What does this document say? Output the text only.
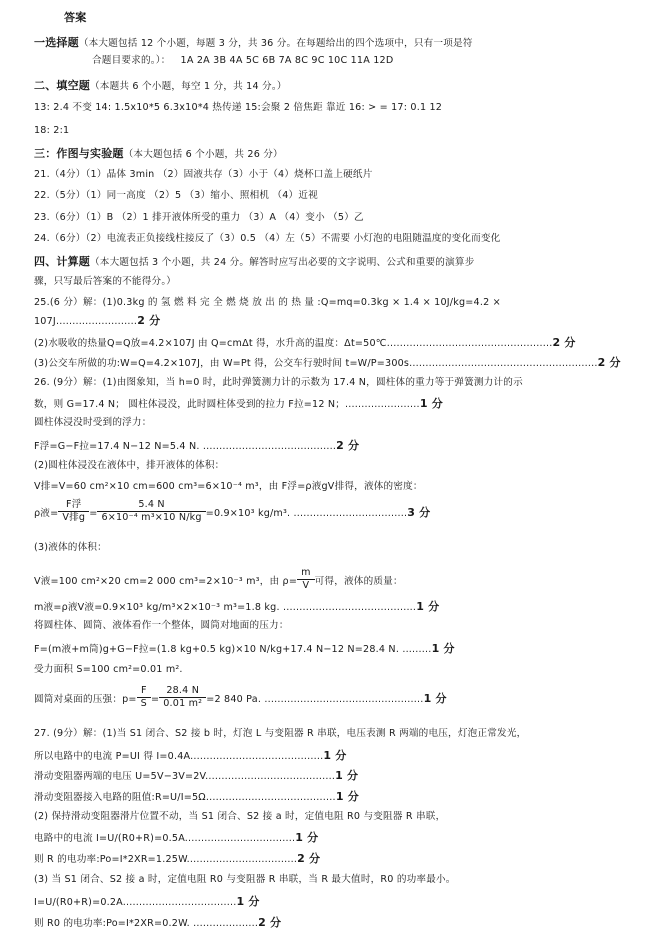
答案
一选择题（本大题包括 12 个小题，每题 3 分，共 36 分。在每题给出的四个选项中，只有一项是符
合题目要求的。）： 1A 2A 3B 4A 5C 6B 7A 8C 9C 10C 11A 12D
二、填空题（本题共 6 个小题，每空 1 分，共 14 分。）
13: 2.4 不变 14: 1.5x10*5 6.3x10*4 热传递 15:会聚 2 倍焦距 靠近 16: > = 17: 0.1 12
18: 2:1
三：作图与实验题（本大题包括 6 个小题，共 26 分）
21.（4分）（1）晶体 3min （2）固液共存（3）小于（4）烧杯口盖上硬纸片
22.（5分）（1）同一高度 （2）5 （3）缩小、照相机 （4）近视
23.（6分）（1）B （2）1 排开液体所受的重力 （3）A （4）变小 （5）乙
24.（6分）（2）电流表正负接线柱接反了（3）0.5 （4）左（5）不需要 小灯泡的电阻随温度的变化而变化
四、计算题（本大题包括 3 个小题，共 24 分。解答时应写出必要的文字说明、公式和重要的演算步
骤，只写最后答案的不能得分。）
25.(6 分）解：(1)0.3kg 的 氢 燃 料 完 全 燃 烧 放 出 的 热 量 :Q=mq=0.3kg × 1.4 × 10J/kg=4.2 ×
107J.........................2 分
(2)水吸收的热量Q=Q放=4.2×107J 由 Q=cmΔt 得，水升高的温度：Δt=50℃...................................................2 分
(3)公交车所做的功:W=Q=4.2×107J，由 W=Pt 得，公交车行驶时间 t=W/P=300s..........................................................2 分
26. (9分）解：(1)由图象知，当 h=0 时，此时弹簧测力计的示数为 17.4 N，圆柱体的重力等于弹簧测力计的示
数，则 G=17.4 N； 圆柱体浸没，此时圆柱体受到的拉力 F拉=12 N；.......................1 分
圆柱体浸没时受到的浮力：
F浮=G−F拉=17.4 N−12 N=5.4 N. .........................................2 分
(2)圆柱体浸没在液体中，排开液体的体积：
V排=V=60 cm²×10 cm=600 cm³=6×10⁻⁴ m³，由 F浮=ρ液gV排得，液体的密度：
ρ液= $\frac{\text{F浮}}{\text{V排g}} = \frac{5.4 N}{\text{6×10⁻⁴ m³×10 N/kg}} =0.9\times 10^3$ kg/m³. ...................................3 分
(3)液体的体积：
V液=100 cm²×20 cm=2 000 cm³=2×10⁻³ m³，由 $\rho= \frac{m}{V}$ 可得，液体的质量：
m液=ρ液V液=0.9×10³ kg/m³×2×10⁻³ m³=1.8 kg. .........................................1 分
将圆柱体、圆筒、液体看作一个整体，圆筒对地面的压力：
F=(m液+m筒)g+G−F拉=(1.8 kg+0.5 kg)×10 N/kg+17.4 N−12 N=28.4 N. .........1 分
受力面积 S=100 cm²=0.01 m².
圆筒对桌面的压强：$p= \frac{F}{S} = \frac{28.4 N}{\text{0.01 m²}} =2$ 840 Pa. .................................................1 分
27. (9分）解：(1)当 S1 闭合、S2 接 b 时，灯泡 L 与变阻器 R 串联，电压表测 R 两端的电压，灯泡正常发光，
所以电路中的电流 P=UI 得 I=0.4A.........................................1 分
滑动变阻器两端的电压 U=5V−3V=2V........................................1 分
滑动变阻器接入电路的阻值:R=U/I=5Ω........................................1 分
(2) 保持滑动变阻器滑片位置不动，当 S1 闭合、S2 接 a 时，定值电阻 R0 与变阻器 R 串联，
电路中的电流 I=U/(R0+R)=0.5A..................................1 分
则 R 的电功率:Po=I*2XR=1.25W..................................2 分
(3) 当 S1 闭合、S2 接 a 时，定值电阻 R0 与变阻器 R 串联，当 R 最大值时，R0 的功率最小。
I=U/(R0+R)=0.2A...................................1 分
则 R0 的电功率:Po=I*2XR=0.2W. ....................2 分
